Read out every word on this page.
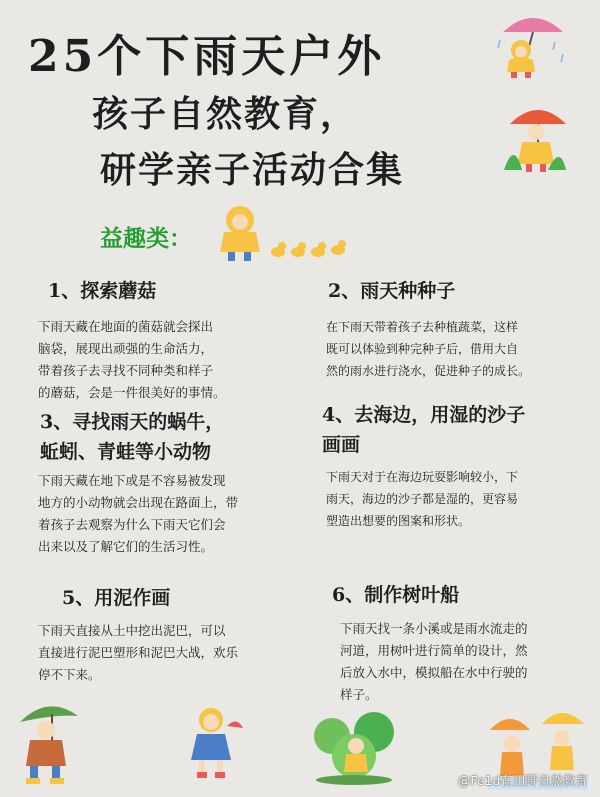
25个下雨天户外
孩子自然教育，
研学亲子活动合集
益趣类：
1、探索蘑菇
下雨天藏在地面的菌菇就会探出
脑袋，展现出顽强的生命活力，
带着孩子去寻找不同种类和样子
的蘑菇，会是一件很美好的事情。
2、雨天种种子
在下雨天带着孩子去种植蔬菜，这样
既可以体验到种完种子后，借用大自
然的雨水进行浇水，促进种子的成长。
3、寻找雨天的蜗牛，
蚯蚓、青蛙等小动物
下雨天藏在地下或是不容易被发现
地方的小动物就会出现在路面上，带
着孩子去观察为什么下雨天它们会
出来以及了解它们的生活习性。
4、去海边，用湿的沙子
画画
下雨天对于在海边玩耍影响较小，下
雨天，海边的沙子都是湿的，更容易
塑造出想要的图案和形状。
5、用泥作画
下雨天直接从土中挖出泥巴，可以
直接进行泥巴塑形和泥巴大战，欢乐
停不下来。
6、制作树叶船
下雨天找一条小溪或是雨水流走的
河道，用树叶进行简单的设计，然
后放入水中，模拟船在水中行驶的
样子。
@Fe1d在田野自然教育
